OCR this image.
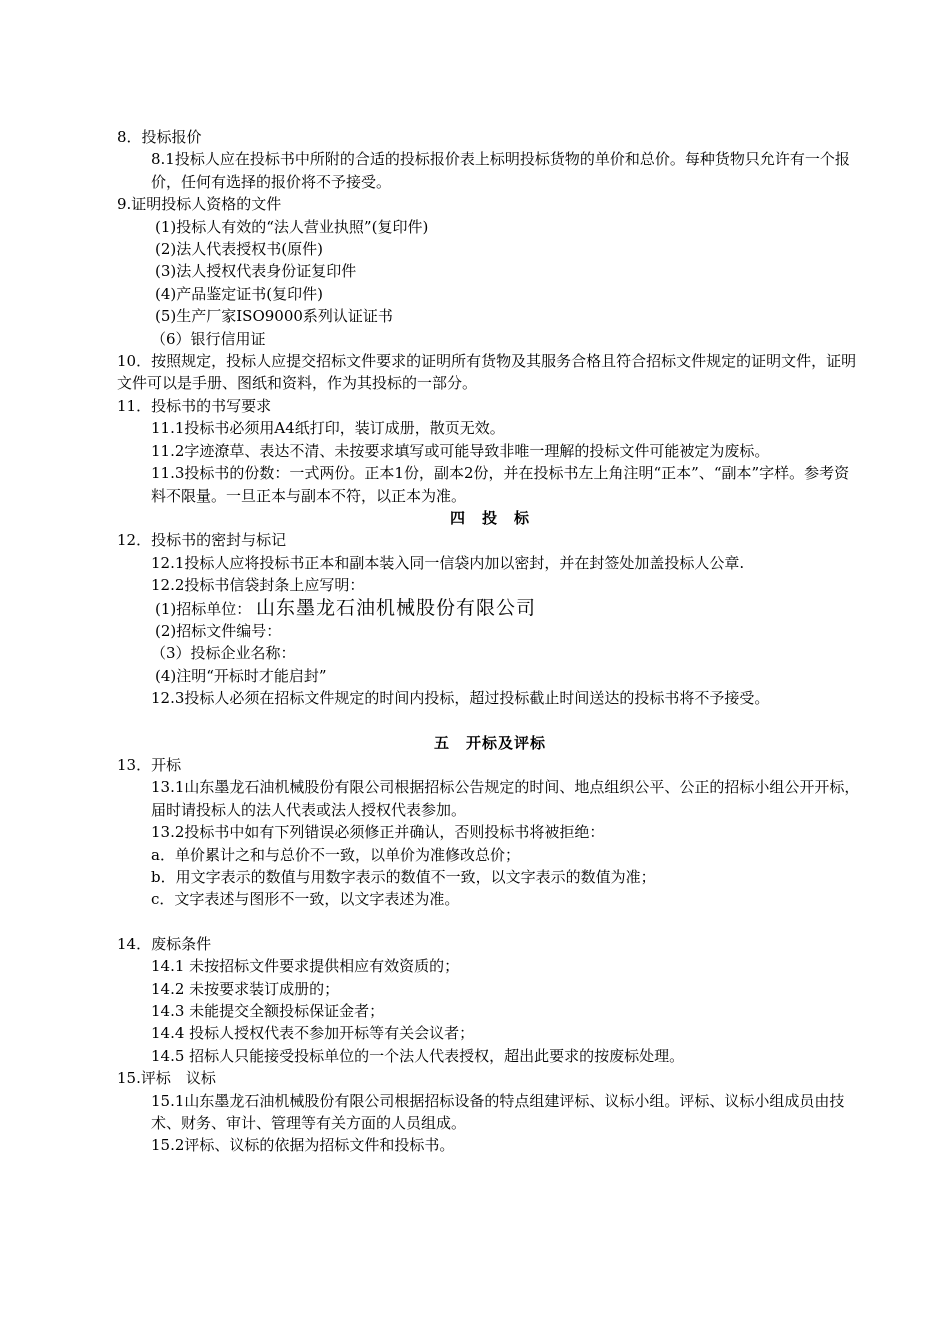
8．投标报价

8.1投标人应在投标书中所附的合适的投标报价表上标明投标货物的单价和总价。每种货物只允许有一个报价，任何有选择的报价将不予接受。

9.证明投标人资格的文件

(1)投标人有效的“法人营业执照”(复印件)

(2)法人代表授权书(原件)

(3)法人授权代表身份证复印件

(4)产品鉴定证书(复印件)

(5)生产厂家ISO9000系列认证证书

（6）银行信用证

10．按照规定，投标人应提交招标文件要求的证明所有货物及其服务合格且符合招标文件规定的证明文件，证明文件可以是手册、图纸和资料，作为其投标的一部分。

11．投标书的书写要求

11.1投标书必须用A4纸打印，装订成册，散页无效。

11.2字迹潦草、表达不清、未按要求填写或可能导致非唯一理解的投标文件可能被定为废标。

11.3投标书的份数：一式两份。正本1份，副本2份，并在投标书左上角注明“正本”、“副本”字样。参考资料不限量。一旦正本与副本不符，以正本为准。

四　投　标

12．投标书的密封与标记

12.1投标人应将投标书正本和副本装入同一信袋内加以密封，并在封签处加盖投标人公章.

12.2投标书信袋封条上应写明：

(1)招标单位： 山东墨龙石油机械股份有限公司

(2)招标文件编号：

（3）投标企业名称：

(4)注明“开标时才能启封”

12.3投标人必须在招标文件规定的时间内投标，超过投标截止时间送达的投标书将不予接受。

五　开标及评标

13．开标

13.1山东墨龙石油机械股份有限公司根据招标公告规定的时间、地点组织公平、公正的招标小组公开开标，届时请投标人的法人代表或法人授权代表参加。

13.2投标书中如有下列错误必须修正并确认，否则投标书将被拒绝：

a．单价累计之和与总价不一致，以单价为准修改总价；

b．用文字表示的数值与用数字表示的数值不一致，以文字表示的数值为准；

c．文字表述与图形不一致，以文字表述为准。

14．废标条件

14.1 未按招标文件要求提供相应有效资质的；

14.2 未按要求装订成册的；

14.3 未能提交全额投标保证金者；

14.4 投标人授权代表不参加开标等有关会议者；

14.5 招标人只能接受投标单位的一个法人代表授权，超出此要求的按废标处理。

15.评标　议标

15.1山东墨龙石油机械股份有限公司根据招标设备的特点组建评标、议标小组。评标、议标小组成员由技术、财务、审计、管理等有关方面的人员组成。

15.2评标、议标的依据为招标文件和投标书。
